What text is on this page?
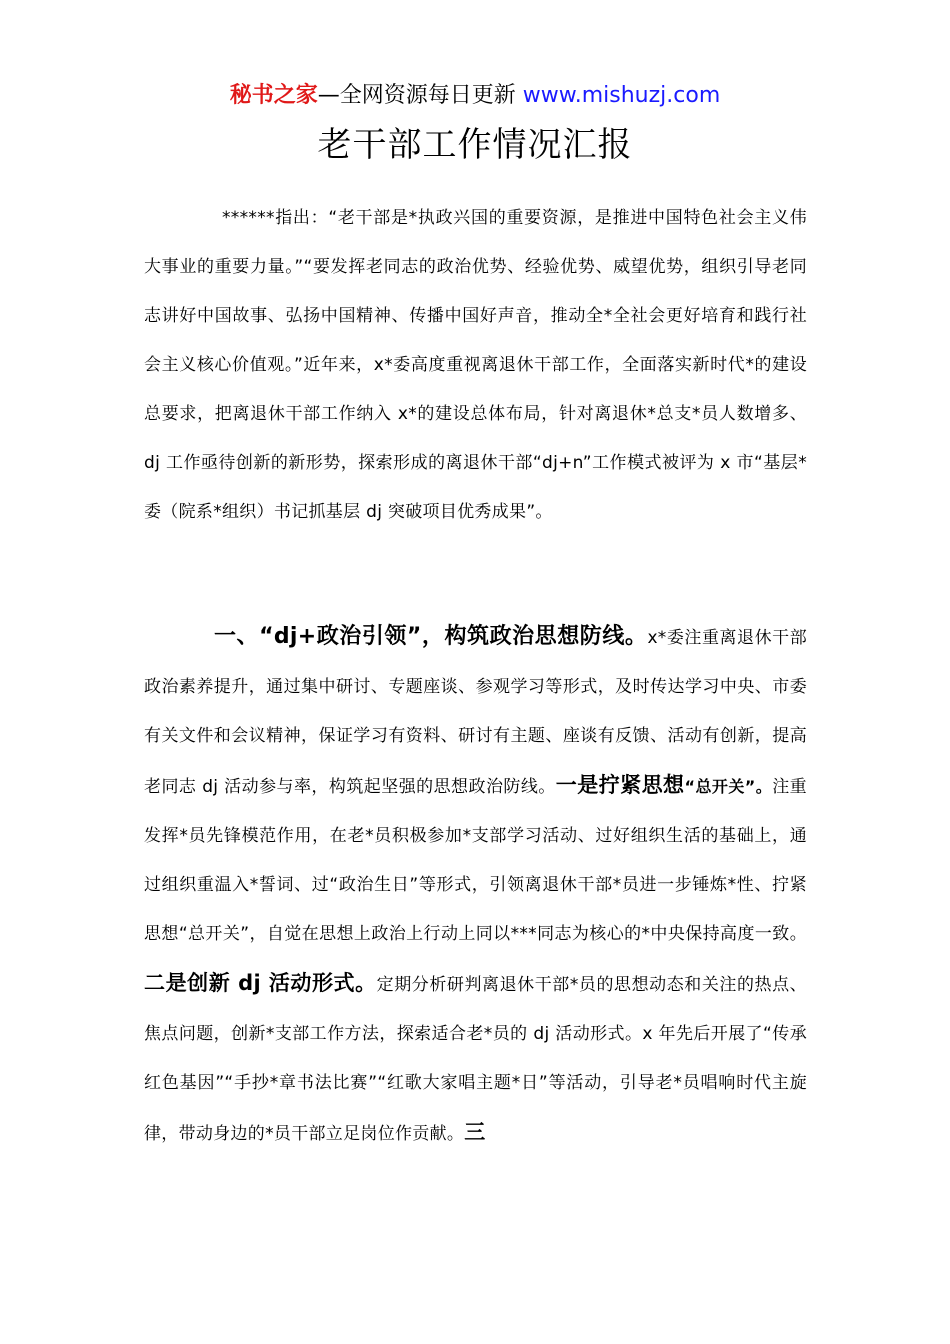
秘书之家—全网资源每日更新 www.mishuzj.com
老干部工作情况汇报
******指出：“老干部是*执政兴国的重要资源，是推进中国特色社会主义伟大事业的重要力量。”“要发挥老同志的政治优势、经验优势、威望优势，组织引导老同志讲好中国故事、弘扬中国精神、传播中国好声音，推动全*全社会更好培育和践行社会主义核心价值观。”近年来，x*委高度重视离退休干部工作，全面落实新时代*的建设总要求，把离退休干部工作纳入 x*的建设总体布局，针对离退休*总支*员人数增多、dj 工作亟待创新的新形势，探索形成的离退休干部“dj+n”工作模式被评为 x 市“基层*委（院系*组织）书记抓基层 dj 突破项目优秀成果”。
一、“dj+政治引领”，构筑政治思想防线。x*委注重离退休干部政治素养提升，通过集中研讨、专题座谈、参观学习等形式，及时传达学习中央、市委有关文件和会议精神，保证学习有资料、研讨有主题、座谈有反馈、活动有创新，提高老同志 dj 活动参与率，构筑起坚强的思想政治防线。一是拧紧思想“总开关”。注重发挥*员先锋模范作用，在老*员积极参加*支部学习活动、过好组织生活的基础上，通过组织重温入*誓词、过“政治生日”等形式，引领离退休干部*员进一步锤炼*性、拧紧思想“总开关”，自觉在思想上政治上行动上同以***同志为核心的*中央保持高度一致。二是创新 dj 活动形式。定期分析研判离退休干部*员的思想动态和关注的热点、焦点问题，创新*支部工作方法，探索适合老*员的 dj 活动形式。x 年先后开展了“传承红色基因”“手抄*章书法比赛”“红歌大家唱主题*日”等活动，引导老*员唱响时代主旋律，带动身边的*员干部立足岗位作贡献。三
